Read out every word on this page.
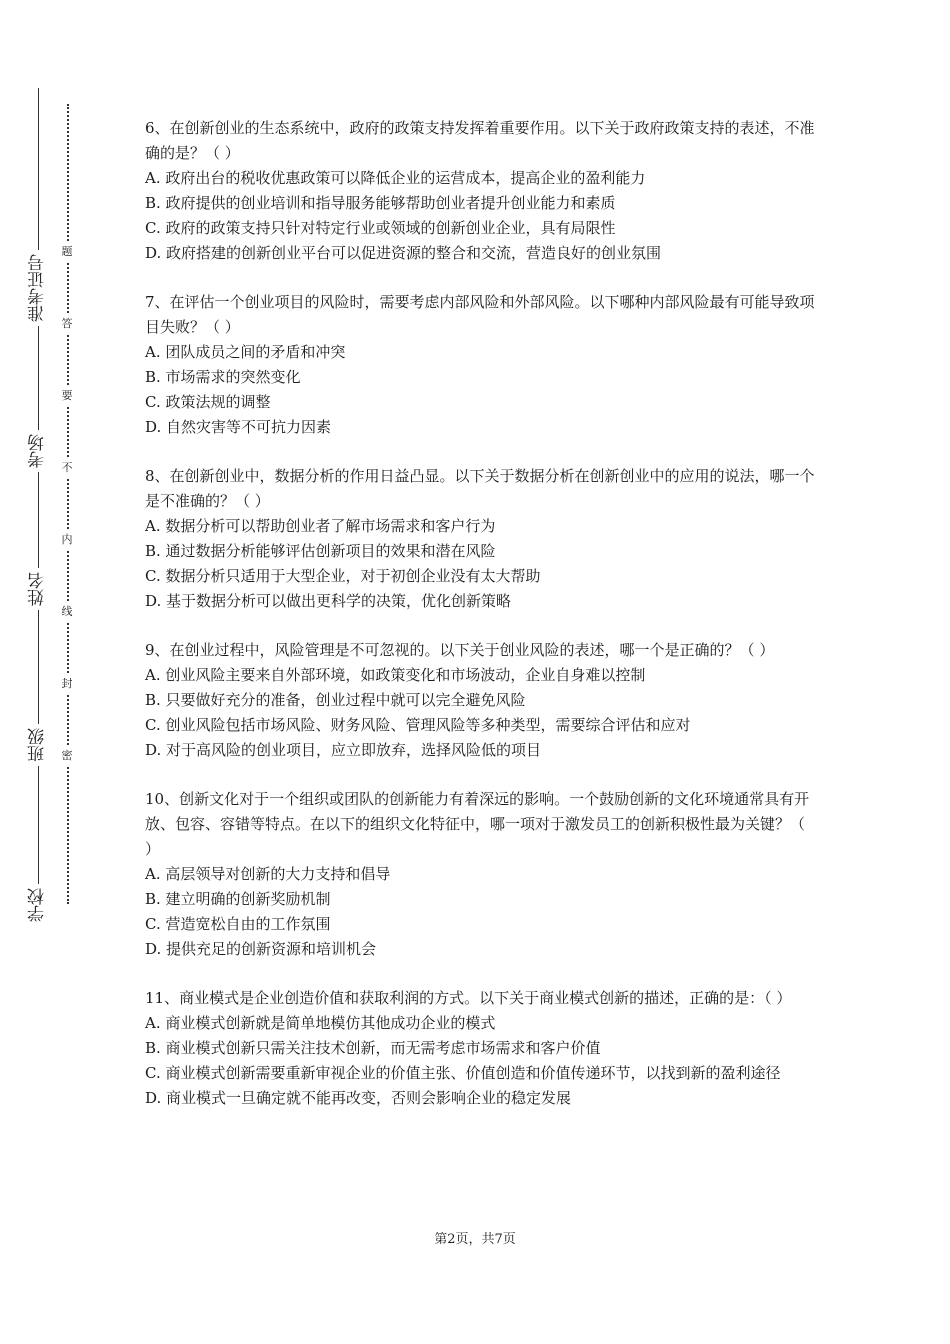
准考证号
考场
姓名
班级
学校
题
答
要
不
内
线
封
密
6、在创新创业的生态系统中，政府的政策支持发挥着重要作用。以下关于政府政策支持的表述，不准确的是？（ ）
A. 政府出台的税收优惠政策可以降低企业的运营成本，提高企业的盈利能力
B. 政府提供的创业培训和指导服务能够帮助创业者提升创业能力和素质
C. 政府的政策支持只针对特定行业或领域的创新创业企业，具有局限性
D. 政府搭建的创新创业平台可以促进资源的整合和交流，营造良好的创业氛围
7、在评估一个创业项目的风险时，需要考虑内部风险和外部风险。以下哪种内部风险最有可能导致项目失败？（ ）
A. 团队成员之间的矛盾和冲突
B. 市场需求的突然变化
C. 政策法规的调整
D. 自然灾害等不可抗力因素
8、在创新创业中，数据分析的作用日益凸显。以下关于数据分析在创新创业中的应用的说法，哪一个是不准确的？（ ）
A. 数据分析可以帮助创业者了解市场需求和客户行为
B. 通过数据分析能够评估创新项目的效果和潜在风险
C. 数据分析只适用于大型企业，对于初创企业没有太大帮助
D. 基于数据分析可以做出更科学的决策，优化创新策略
9、在创业过程中，风险管理是不可忽视的。以下关于创业风险的表述，哪一个是正确的？（ ）
A. 创业风险主要来自外部环境，如政策变化和市场波动，企业自身难以控制
B. 只要做好充分的准备，创业过程中就可以完全避免风险
C. 创业风险包括市场风险、财务风险、管理风险等多种类型，需要综合评估和应对
D. 对于高风险的创业项目，应立即放弃，选择风险低的项目
10、创新文化对于一个组织或团队的创新能力有着深远的影响。一个鼓励创新的文化环境通常具有开放、包容、容错等特点。在以下的组织文化特征中，哪一项对于激发员工的创新积极性最为关键？（ ）
A. 高层领导对创新的大力支持和倡导
B. 建立明确的创新奖励机制
C. 营造宽松自由的工作氛围
D. 提供充足的创新资源和培训机会
11、商业模式是企业创造价值和获取利润的方式。以下关于商业模式创新的描述，正确的是：（ ）
A. 商业模式创新就是简单地模仿其他成功企业的模式
B. 商业模式创新只需关注技术创新，而无需考虑市场需求和客户价值
C. 商业模式创新需要重新审视企业的价值主张、价值创造和价值传递环节，以找到新的盈利途径
D. 商业模式一旦确定就不能再改变，否则会影响企业的稳定发展
第2页，共7页
